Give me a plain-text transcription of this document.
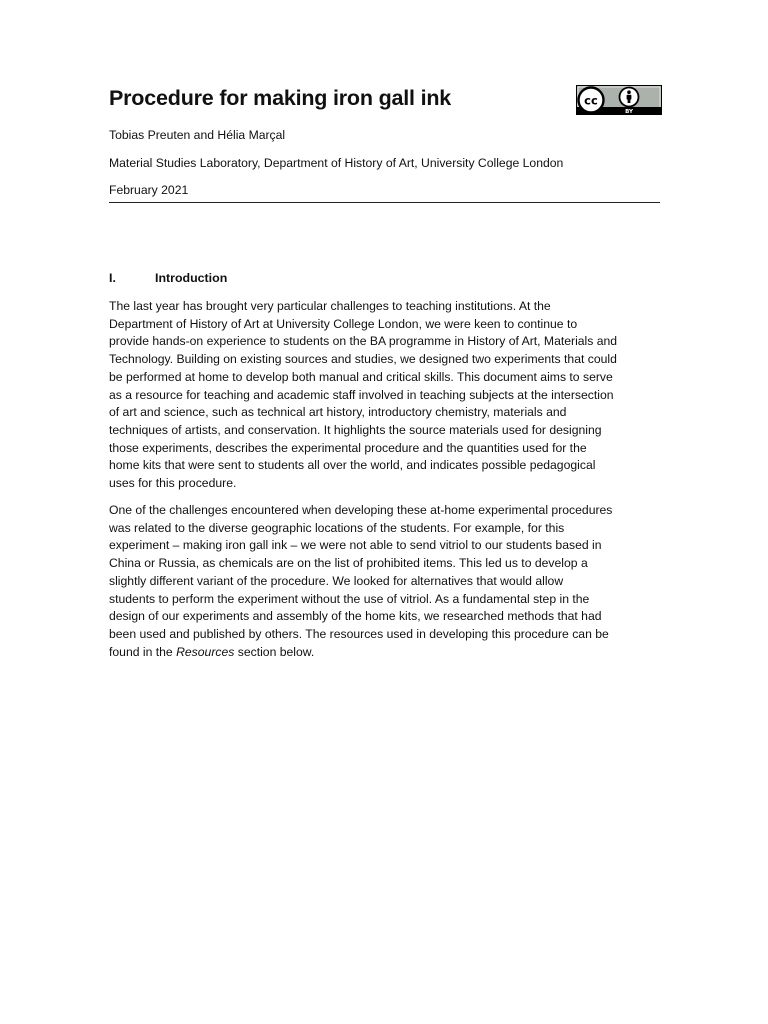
Procedure for making iron gall ink	cc
BY

Tobias Preuten and Hélia Marçal

Material Studies Laboratory, Department of History of Art, University College London

February 2021

I.	Introduction

The last year has brought very particular challenges to teaching institutions. At the
Department of History of Art at University College London, we were keen to continue to
provide hands-on experience to students on the BA programme in History of Art, Materials and
Technology. Building on existing sources and studies, we designed two experiments that could
be performed at home to develop both manual and critical skills. This document aims to serve
as a resource for teaching and academic staff involved in teaching subjects at the intersection
of art and science, such as technical art history, introductory chemistry, materials and
techniques of artists, and conservation. It highlights the source materials used for designing
those experiments, describes the experimental procedure and the quantities used for the
home kits that were sent to students all over the world, and indicates possible pedagogical
uses for this procedure.

One of the challenges encountered when developing these at-home experimental procedures
was related to the diverse geographic locations of the students. For example, for this
experiment – making iron gall ink – we were not able to send vitriol to our students based in
China or Russia, as chemicals are on the list of prohibited items. This led us to develop a
slightly different variant of the procedure. We looked for alternatives that would allow
students to perform the experiment without the use of vitriol. As a fundamental step in the
design of our experiments and assembly of the home kits, we researched methods that had
been used and published by others. The resources used in developing this procedure can be
found in the Resources section below.
